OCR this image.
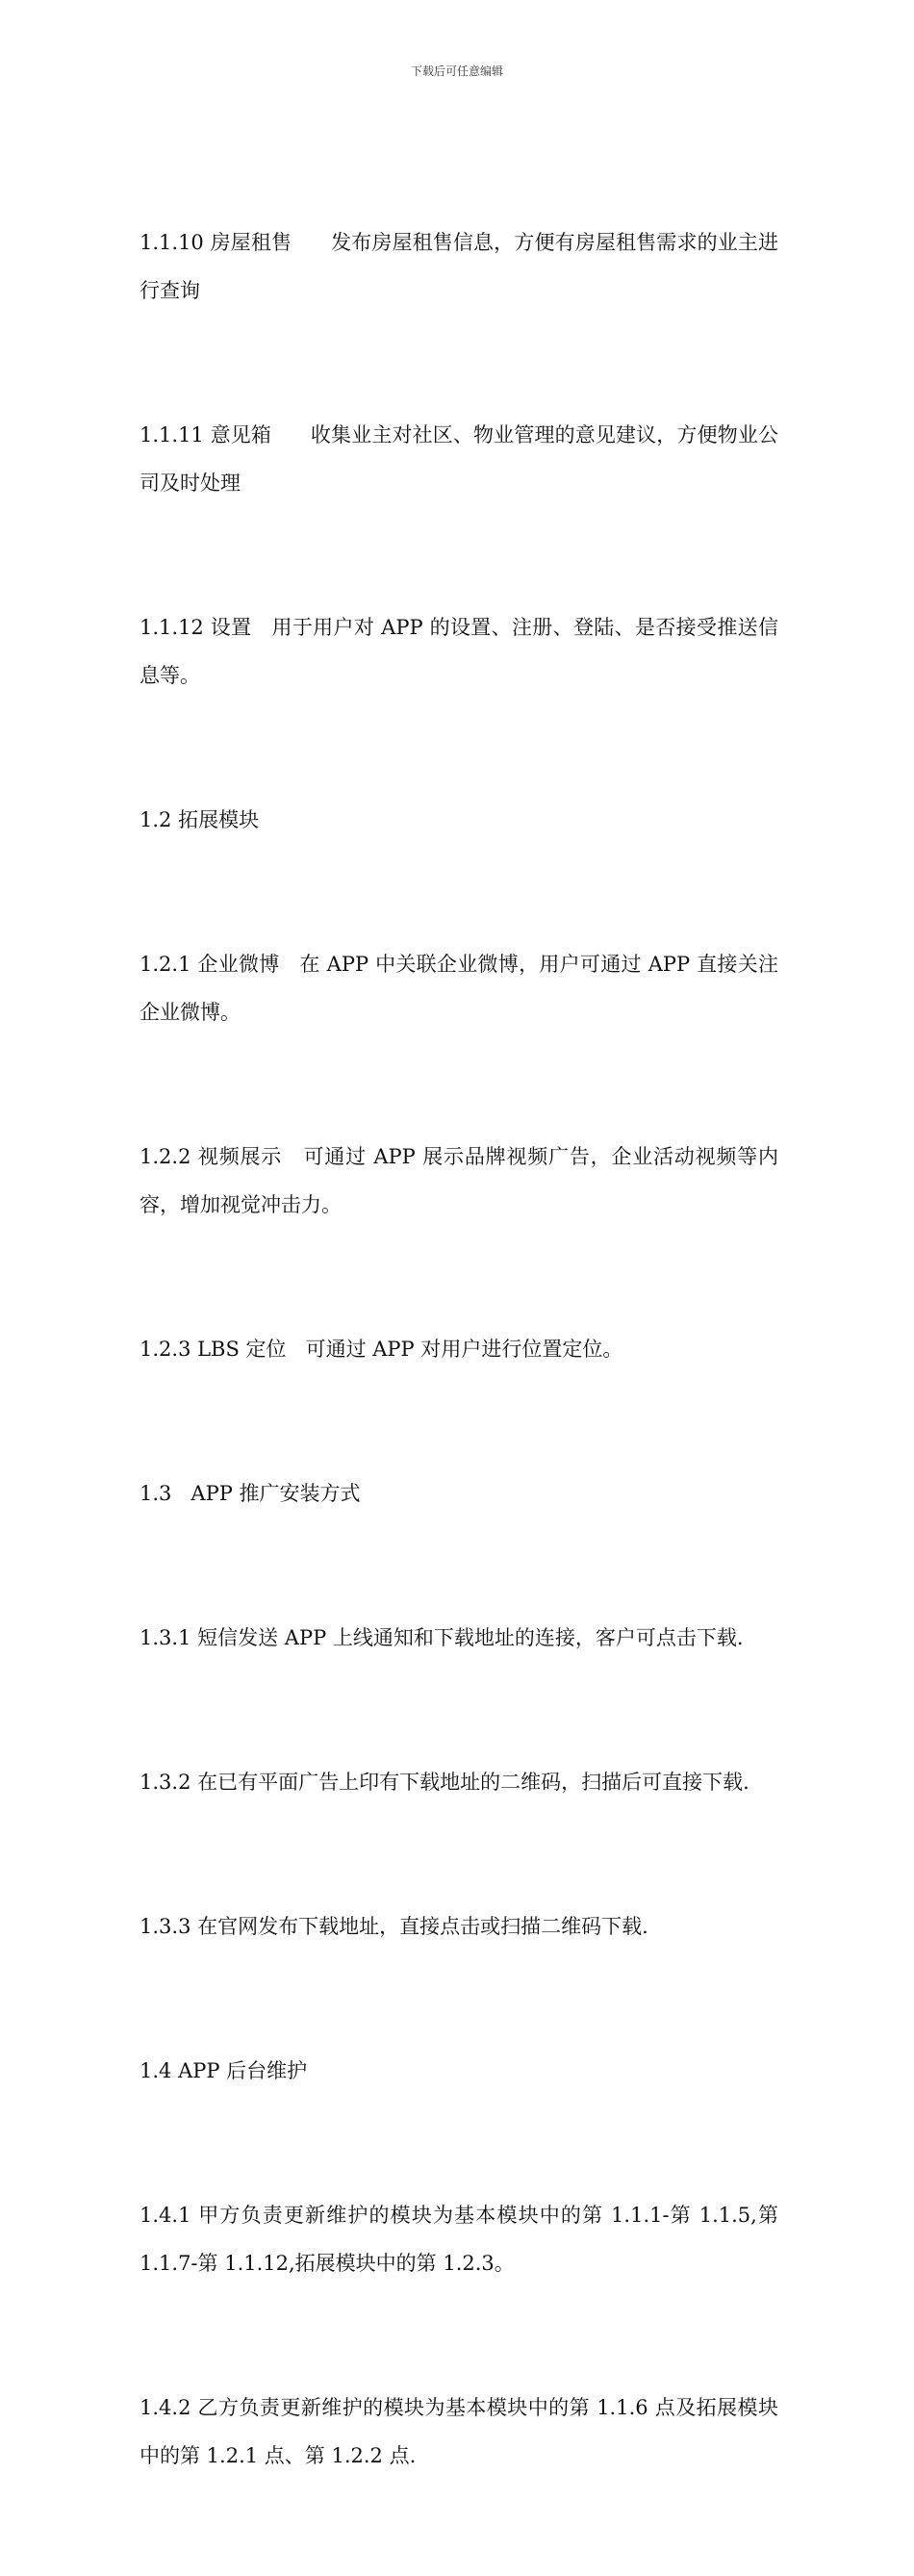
下载后可任意编辑

1.1.10 房屋租售      发布房屋租售信息，方便有房屋租售需求的业主进行查询

1.1.11 意见箱      收集业主对社区、物业管理的意见建议，方便物业公司及时处理

1.1.12 设置   用于用户对 APP 的设置、注册、登陆、是否接受推送信息等。

1.2 拓展模块

1.2.1 企业微博   在 APP 中关联企业微博，用户可通过 APP 直接关注企业微博。

1.2.2 视频展示   可通过 APP 展示品牌视频广告，企业活动视频等内容，增加视觉冲击力。

1.2.3 LBS 定位   可通过 APP 对用户进行位置定位。

1.3   APP 推广安装方式

1.3.1 短信发送 APP 上线通知和下载地址的连接，客户可点击下载.

1.3.2 在已有平面广告上印有下载地址的二维码，扫描后可直接下载.

1.3.3 在官网发布下载地址，直接点击或扫描二维码下载.

1.4 APP 后台维护

1.4.1 甲方负责更新维护的模块为基本模块中的第 1.1.1-第 1.1.5,第 1.1.7-第 1.1.12,拓展模块中的第 1.2.3。

1.4.2 乙方负责更新维护的模块为基本模块中的第 1.1.6 点及拓展模块中的第 1.2.1 点、第 1.2.2 点.
